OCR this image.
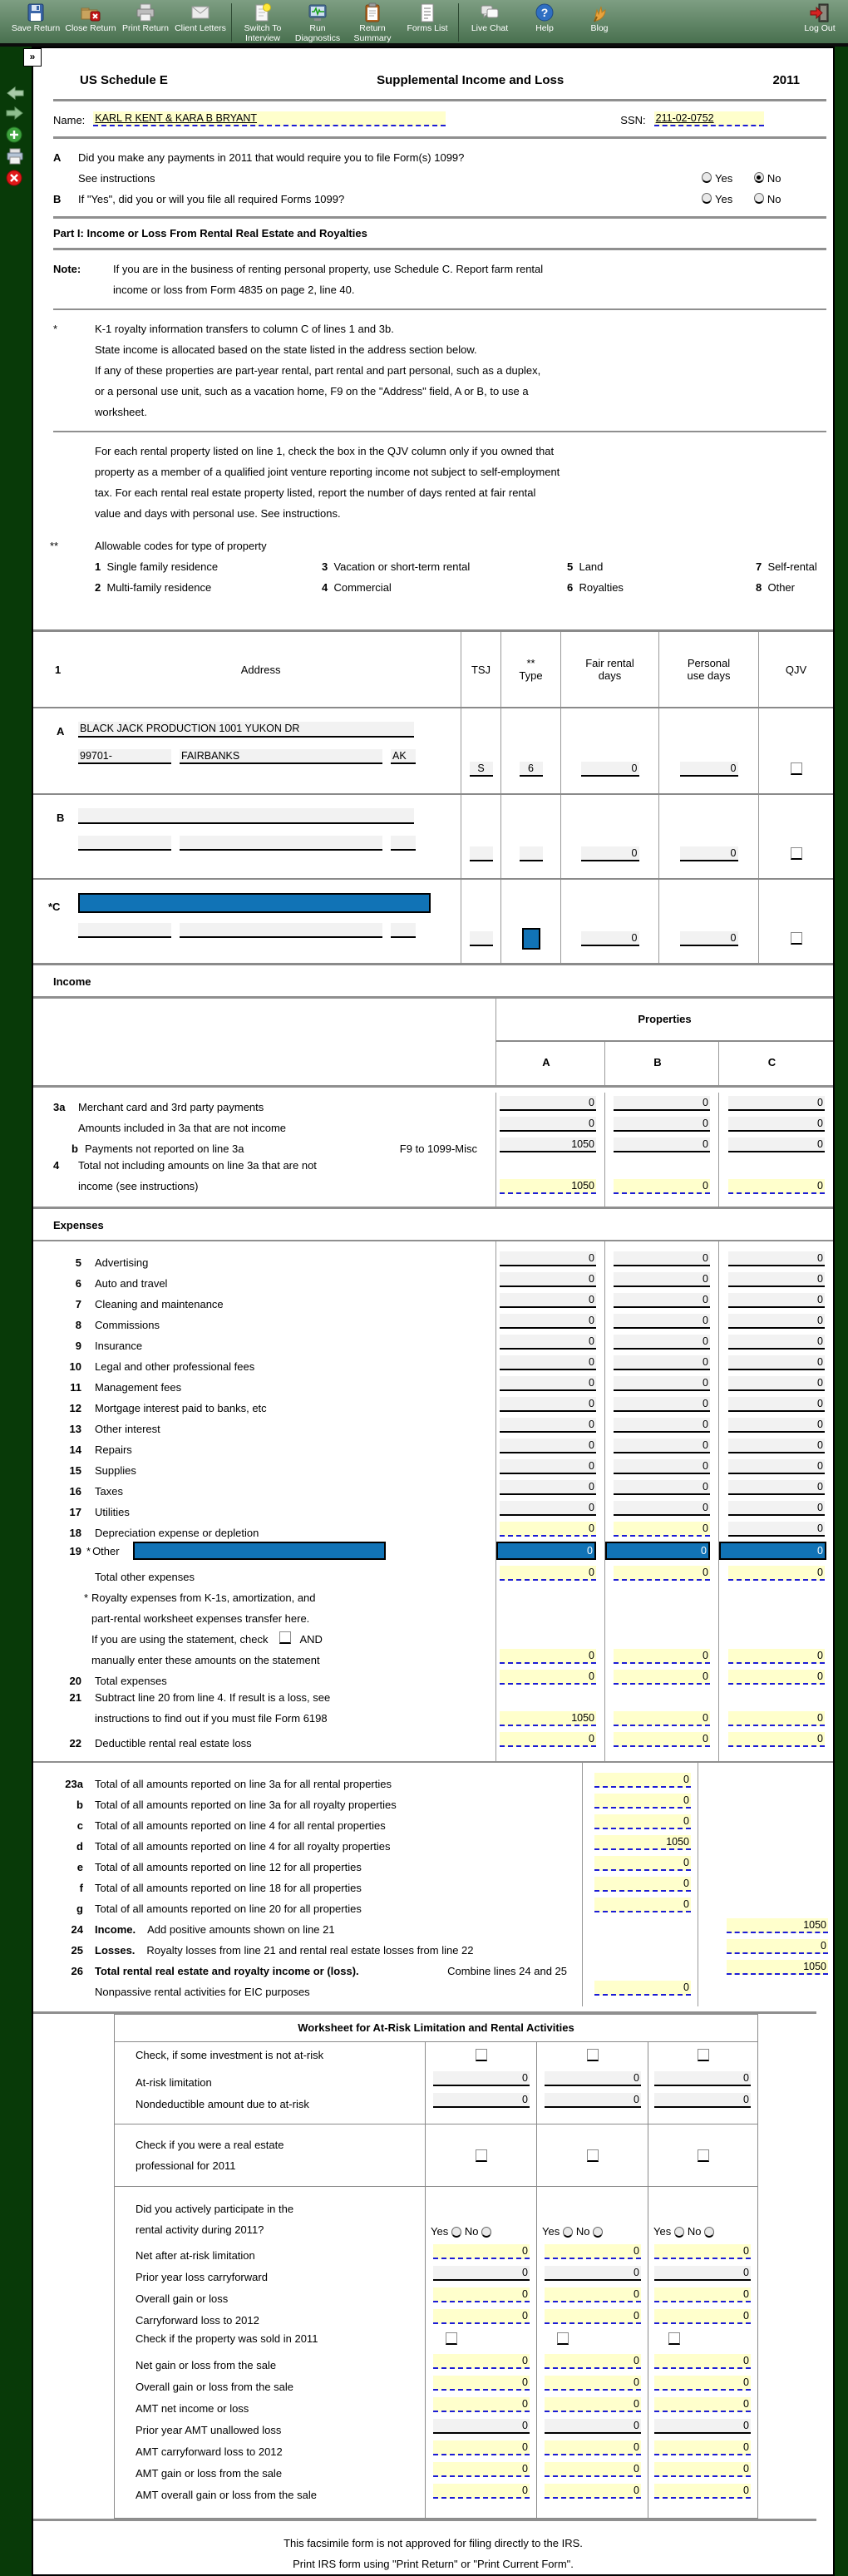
Save Return Close Return Print Return Client Letters	Switch To Interview
Run Diagnostics
Return Summary
Forms List	Live Chat
?
Help	Blog	Log Out
»
US Schedule E	Supplemental Income and Loss	2011
Name: KARL R KENT & KARA B BRYANT	SSN: 211-02-0752
A	Did you make any payments in 2011 that would require you to file Form(s) 1099?
See instructions	Yes	No
B	If "Yes", did you or will you file all required Forms 1099?	Yes	No
Part I: Income or Loss From Rental Real Estate and Royalties
Note:	If you are in the business of renting personal property, use Schedule C. Report farm rental
income or loss from Form 4835 on page 2, line 40.
*	K-1 royalty information transfers to column C of lines 1 and 3b.
State income is allocated based on the state listed in the address section below.
If any of these properties are part-year rental, part rental and part personal, such as a duplex,
or a personal use unit, such as a vacation home, F9 on the "Address" field, A or B, to use a
worksheet.
For each rental property listed on line 1, check the box in the QJV column only if you owned that
property as a member of a qualified joint venture reporting income not subject to self-employment
tax. For each rental real estate property listed, report the number of days rented at fair rental
value and days with personal use. See instructions.
**	Allowable codes for type of property
1 Single family residence	3 Vacation or short-term rental	5 Land	7 Self-rental
2 Multi-family residence	4 Commercial	6 Royalties	8 Other
1	Address	TSJ	**
Type
Fair rental
days
Personal
use days	QJV
A	BLACK JACK PRODUCTION 1001 YUKON DR
99701-	FAIRBANKS	AK
S	6	0	0
B
0	0
*C
0	0
Income
Properties
A	B	C
3a	Merchant card and 3rd party payments	0	0	0
Amounts included in 3a that are not income	0	0	0
b Payments not reported on line 3a	F9 to 1099-Misc	1050	0	0
4	Total not including amounts on line 3a that are not
income (see instructions)	1050	0	0
Expenses
5	Advertising	0	0	0
6	Auto and travel	0	0	0
7	Cleaning and maintenance	0	0	0
8	Commissions	0	0	0
9	Insurance	0	0	0
10	Legal and other professional fees	0	0	0
11	Management fees	0	0	0
12	Mortgage interest paid to banks, etc	0	0	0
13	Other interest	0	0	0
14	Repairs	0	0	0
15	Supplies	0	0	0
16	Taxes	0	0	0
17	Utilities	0	0	0
18	Depreciation expense or depletion	0	0	0
19 * Other	0	0	0
Total other expenses	0	0	0
* Royalty expenses from K-1s, amortization, and
part-rental worksheet expenses transfer here.
If you are using the statement, check	AND
manually enter these amounts on the statement	0	0	0
20	Total expenses	0	0	0
21	Subtract line 20 from line 4. If result is a loss, see
instructions to find out if you must file Form 6198	1050	0	0
22	Deductible rental real estate loss	0	0	0
23a	Total of all amounts reported on line 3a for all rental properties	0
b	Total of all amounts reported on line 3a for all royalty properties	0
c	Total of all amounts reported on line 4 for all rental properties	0
d	Total of all amounts reported on line 4 for all royalty properties	1050
e	Total of all amounts reported on line 12 for all properties	0
f	Total of all amounts reported on line 18 for all properties	0
g	Total of all amounts reported on line 20 for all properties	0
24	Income. Add positive amounts shown on line 21	1050
25	Losses. Royalty losses from line 21 and rental real estate losses from line 22	0
26	Total rental real estate and royalty income or (loss).	Combine lines 24 and 25	1050
Nonpassive rental activities for EIC purposes	0
Worksheet for At-Risk Limitation and Rental Activities
Check, if some investment is not at-risk
At-risk limitation	0	0	0
Nondeductible amount due to at-risk	0	0	0
Check if you were a real estate
professional for 2011
Did you actively participate in the
rental activity during 2011?	Yes
No
	Yes
No
	Yes
No

Net after at-risk limitation	0	0	0
Prior year loss carryforward	0	0	0
Overall gain or loss	0	0	0
Carryforward loss to 2012	0	0	0
Check if the property was sold in 2011
Net gain or loss from the sale	0	0	0
Overall gain or loss from the sale	0	0	0
AMT net income or loss	0	0	0
Prior year AMT unallowed loss	0	0	0
AMT carryforward loss to 2012	0	0	0
AMT gain or loss from the sale	0	0	0
AMT overall gain or loss from the sale	0	0	0
This facsimile form is not approved for filing directly to the IRS.
Print IRS form using "Print Return" or "Print Current Form".
